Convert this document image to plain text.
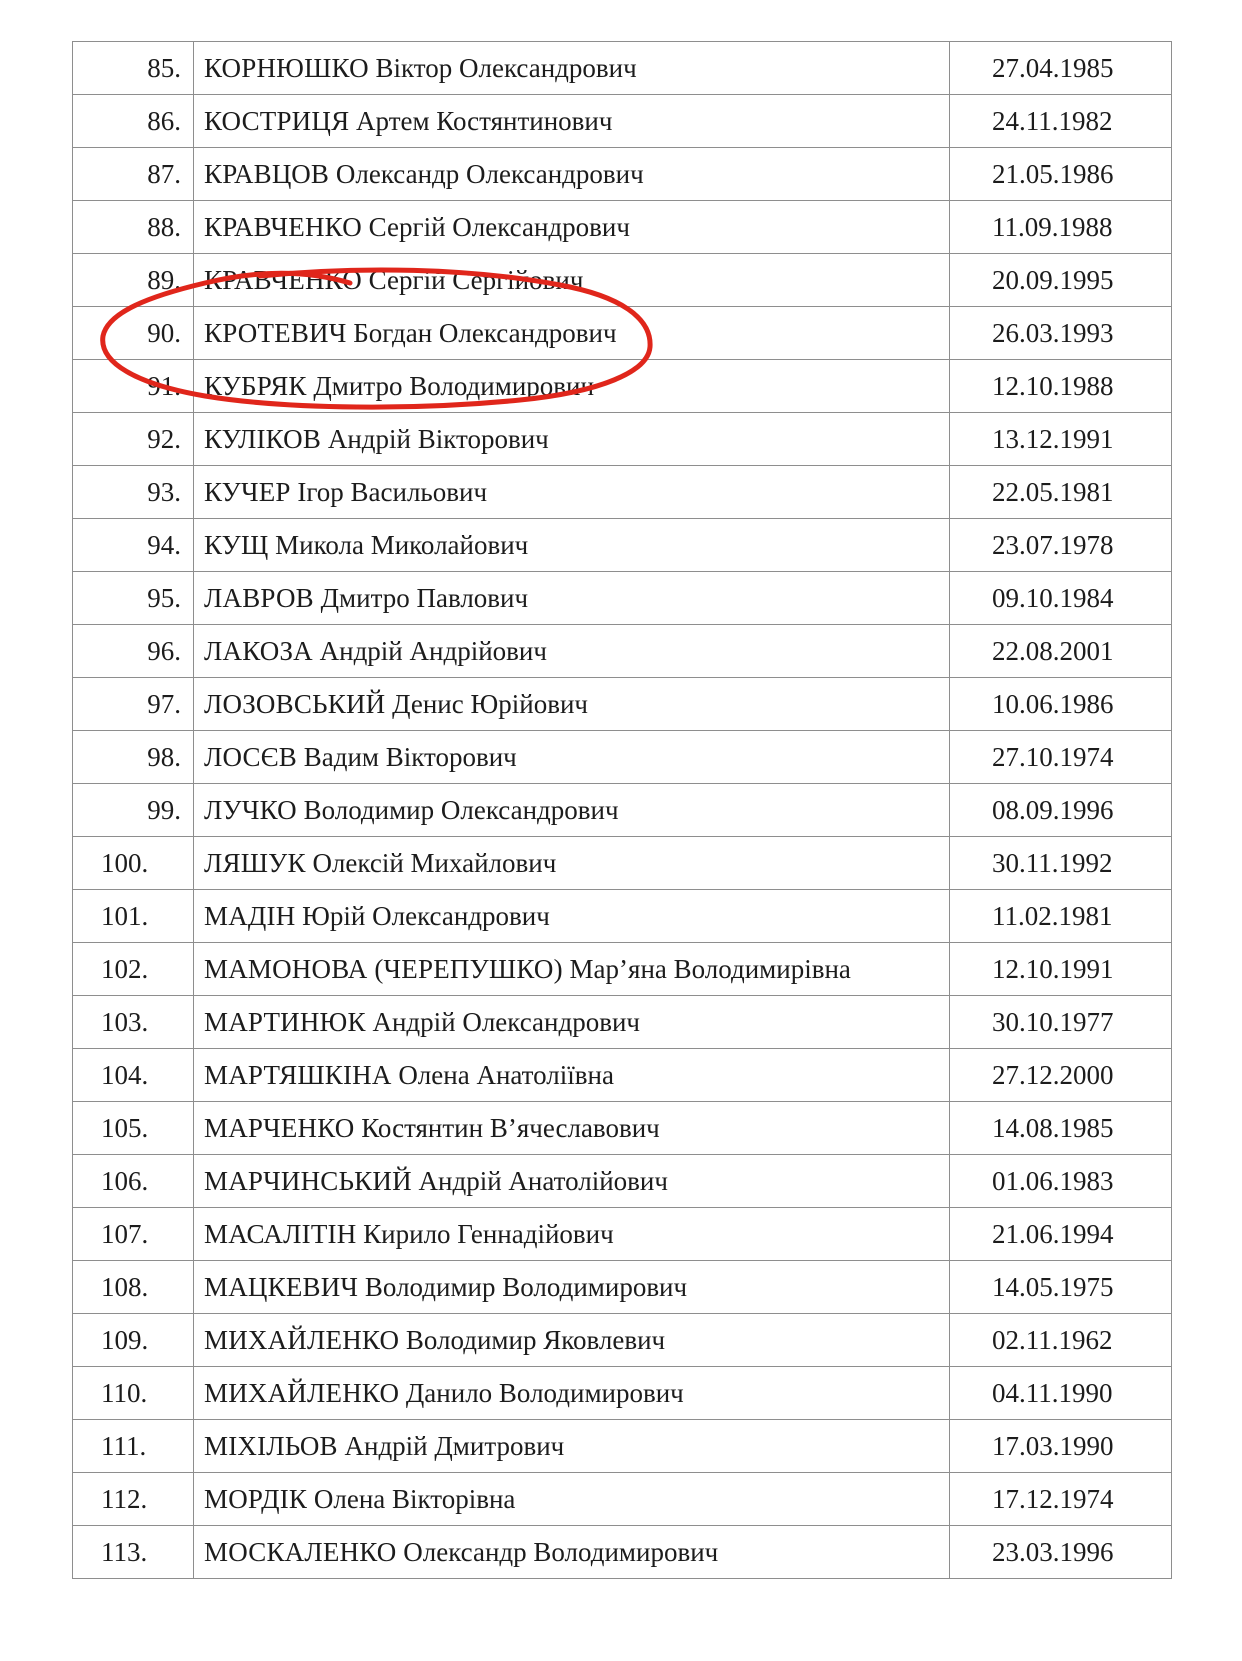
85.	КОРНЮШКО Віктор Олександрович	27.04.1985
86.	КОСТРИЦЯ Артем Костянтинович	24.11.1982
87.	КРАВЦОВ Олександр Олександрович	21.05.1986
88.	КРАВЧЕНКО Сергій Олександрович	11.09.1988
89.	КРАВЧЕНКО Сергій Сергійович	20.09.1995
90.	КРОТЕВИЧ Богдан Олександрович	26.03.1993
91.	КУБРЯК Дмитро Володимирович	12.10.1988
92.	КУЛІКОВ Андрій Вікторович	13.12.1991
93.	КУЧЕР Ігор Васильович	22.05.1981
94.	КУЩ Микола Миколайович	23.07.1978
95.	ЛАВРОВ Дмитро Павлович	09.10.1984
96.	ЛАКОЗА Андрій Андрійович	22.08.2001
97.	ЛОЗОВСЬКИЙ Денис Юрійович	10.06.1986
98.	ЛОСЄВ Вадим Вікторович	27.10.1974
99.	ЛУЧКО Володимир Олександрович	08.09.1996
100.	ЛЯШУК Олексій Михайлович	30.11.1992
101.	МАДІН Юрій Олександрович	11.02.1981
102.	МАМОНОВА (ЧЕРЕПУШКО) Мар’яна Володимирівна	12.10.1991
103.	МАРТИНЮК Андрій Олександрович	30.10.1977
104.	МАРТЯШКІНА Олена Анатоліївна	27.12.2000
105.	МАРЧЕНКО Костянтин В’ячеславович	14.08.1985
106.	МАРЧИНСЬКИЙ Андрій Анатолійович	01.06.1983
107.	МАСАЛІТІН Кирило Геннадійович	21.06.1994
108.	МАЦКЕВИЧ Володимир Володимирович	14.05.1975
109.	МИХАЙЛЕНКО Володимир Яковлевич	02.11.1962
110.	МИХАЙЛЕНКО Данило Володимирович	04.11.1990
111.	МІХІЛЬОВ Андрій Дмитрович	17.03.1990
112.	МОРДІК Олена Вікторівна	17.12.1974
113.	МОСКАЛЕНКО Олександр Володимирович	23.03.1996
